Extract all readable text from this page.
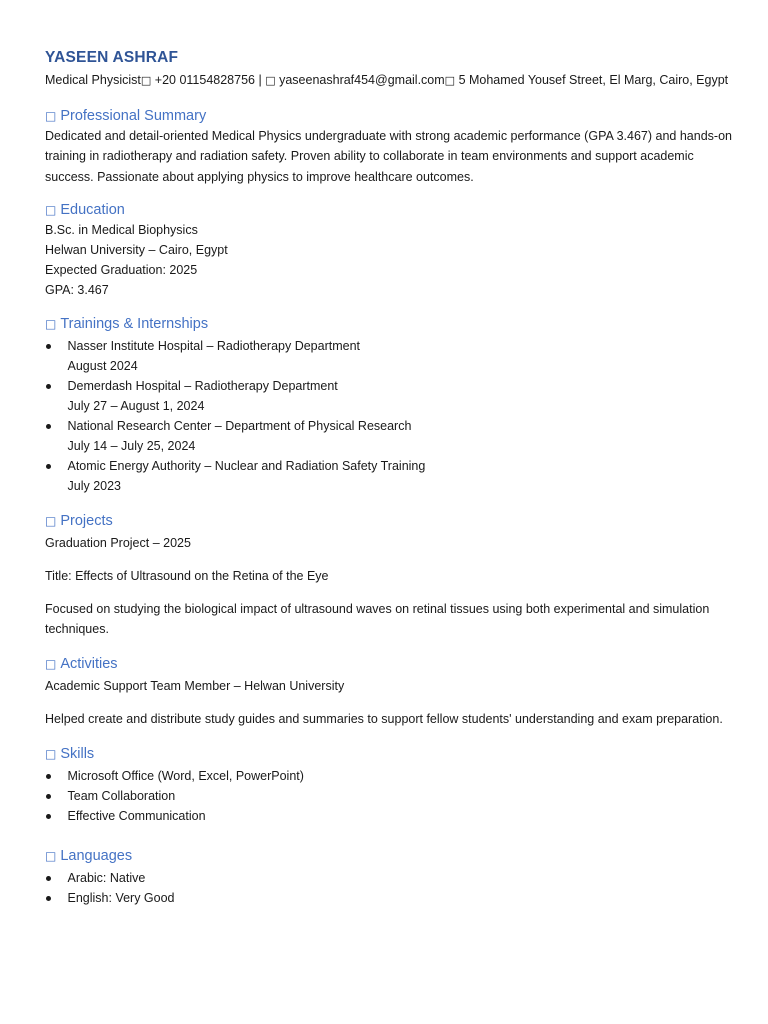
YASEEN ASHRAF
Medical Physicist□ +20 01154828756 | □ yaseenashraf454@gmail.com□ 5 Mohamed Yousef Street, El Marg, Cairo, Egypt
□ Professional Summary

Dedicated and detail-oriented Medical Physics undergraduate with strong academic performance (GPA 3.467) and hands-on training in radiotherapy and radiation safety. Proven ability to collaborate in team environments and support academic success. Passionate about applying physics to improve healthcare outcomes.

□ Education

B.Sc. in Medical Biophysics

Helwan University – Cairo, Egypt

Expected Graduation: 2025

GPA: 3.467

□ Trainings & Internships
Nasser Institute Hospital – Radiotherapy Department
August 2024
Demerdash Hospital – Radiotherapy Department
July 27 – August 1, 2024
National Research Center – Department of Physical Research
July 14 – July 25, 2024
Atomic Energy Authority – Nuclear and Radiation Safety Training
July 2023
□ Projects

Graduation Project – 2025

Title: Effects of Ultrasound on the Retina of the Eye

Focused on studying the biological impact of ultrasound waves on retinal tissues using both experimental and simulation techniques.

□ Activities

Academic Support Team Member – Helwan University

Helped create and distribute study guides and summaries to support fellow students' understanding and exam preparation.

□ Skills
Microsoft Office (Word, Excel, PowerPoint)
Team Collaboration
Effective Communication
□ Languages
Arabic: Native
English: Very Good
